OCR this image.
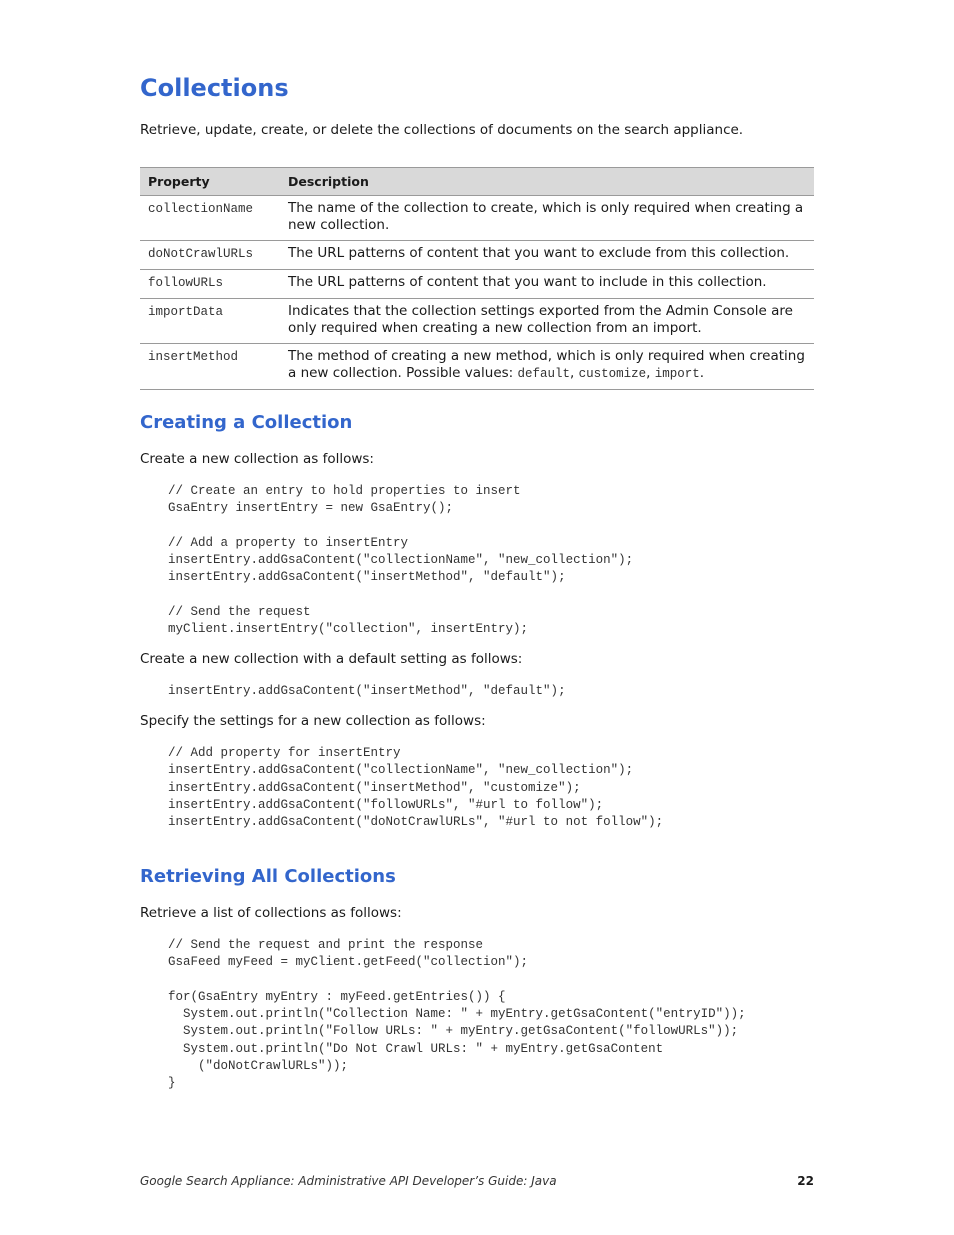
Collections

Retrieve, update, create, or delete the collections of documents on the search appliance.

Property	Description
collectionName	The name of the collection to create, which is only required when creating a new collection.
doNotCrawlURLs	The URL patterns of content that you want to exclude from this collection.
followURLs	The URL patterns of content that you want to include in this collection.
importData	Indicates that the collection settings exported from the Admin Console are only required when creating a new collection from an import.
insertMethod	The method of creating a new method, which is only required when creating a new collection. Possible values: default, customize, import.
Creating a Collection

Create a new collection as follows:

// Create an entry to hold properties to insert
GsaEntry insertEntry = new GsaEntry();

// Add a property to insertEntry
insertEntry.addGsaContent("collectionName", "new_collection");
insertEntry.addGsaContent("insertMethod", "default");

// Send the request
myClient.insertEntry("collection", insertEntry);

Create a new collection with a default setting as follows:

insertEntry.addGsaContent("insertMethod", "default");

Specify the settings for a new collection as follows:

// Add property for insertEntry
insertEntry.addGsaContent("collectionName", "new_collection");
insertEntry.addGsaContent("insertMethod", "customize");
insertEntry.addGsaContent("followURLs", "#url to follow");
insertEntry.addGsaContent("doNotCrawlURLs", "#url to not follow");
Retrieving All Collections

Retrieve a list of collections as follows:

// Send the request and print the response
GsaFeed myFeed = myClient.getFeed("collection");

for(GsaEntry myEntry : myFeed.getEntries()) {
System.out.println("Collection Name: " + myEntry.getGsaContent("entryID"));
System.out.println("Follow URLs: " + myEntry.getGsaContent("followURLs"));
System.out.println("Do Not Crawl URLs: " + myEntry.getGsaContent
("doNotCrawlURLs"));
}
Google Search Appliance: Administrative API Developer’s Guide: Java	22
